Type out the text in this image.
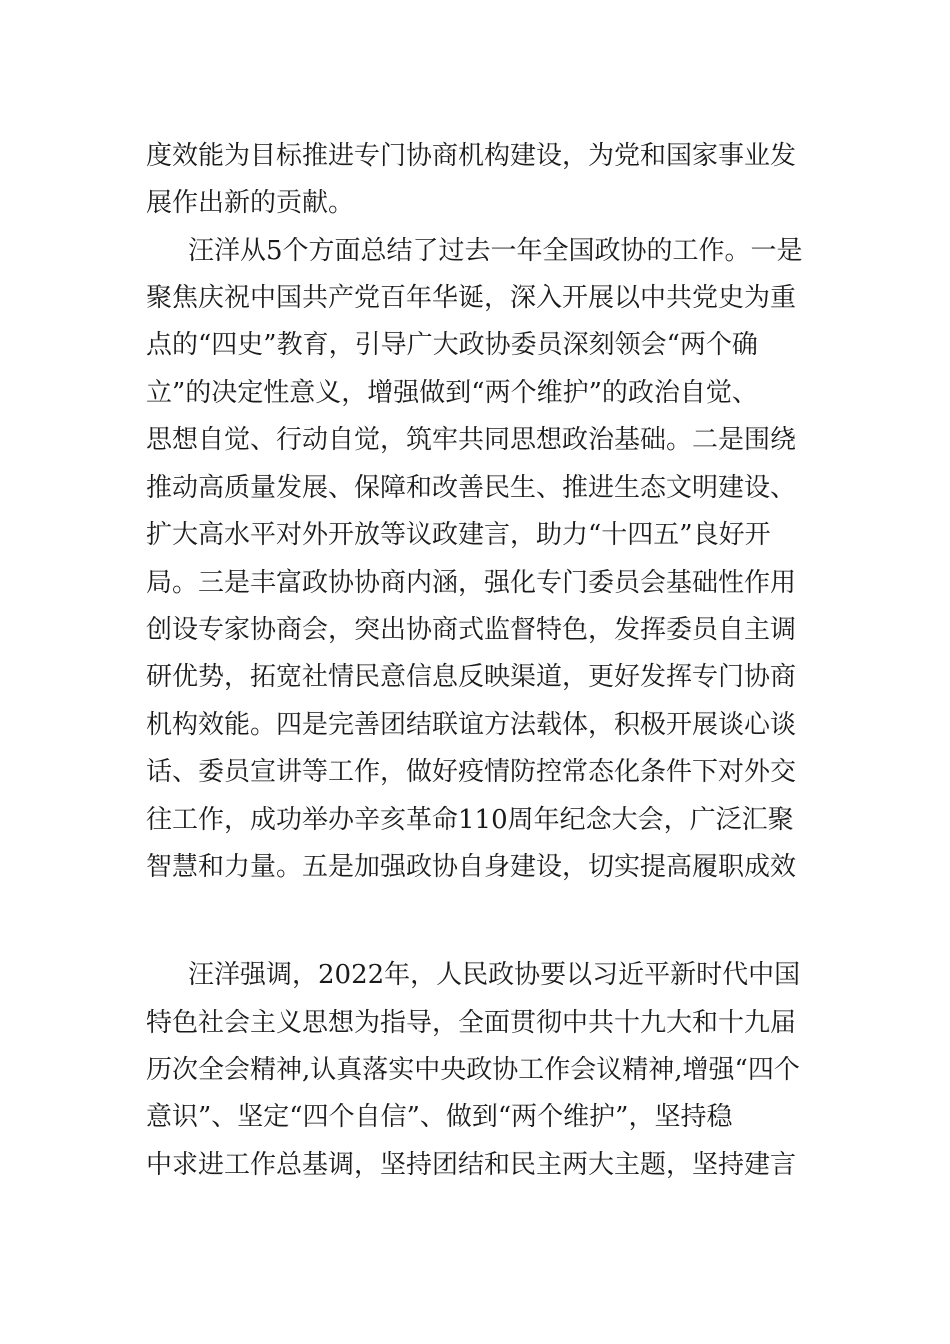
度效能为目标推进专门协商机构建设，为党和国家事业发
展作出新的贡献。
汪洋从5个方面总结了过去一年全国政协的工作。一是
聚焦庆祝中国共产党百年华诞，深入开展以中共党史为重
点的“四史”教育，引导广大政协委员深刻领会“两个确
立”的决定性意义，增强做到“两个维护”的政治自觉、
思想自觉、行动自觉，筑牢共同思想政治基础。二是围绕
推动高质量发展、保障和改善民生、推进生态文明建设、
扩大高水平对外开放等议政建言，助力“十四五”良好开
局。三是丰富政协协商内涵，强化专门委员会基础性作用
创设专家协商会，突出协商式监督特色，发挥委员自主调
研优势，拓宽社情民意信息反映渠道，更好发挥专门协商
机构效能。四是完善团结联谊方法载体，积极开展谈心谈
话、委员宣讲等工作，做好疫情防控常态化条件下对外交
往工作，成功举办辛亥革命110周年纪念大会，广泛汇聚
智慧和力量。五是加强政协自身建设，切实提高履职成效
汪洋强调，2022年，人民政协要以习近平新时代中国
特色社会主义思想为指导，全面贯彻中共十九大和十九届
历次全会精神,认真落实中央政协工作会议精神,增强“四个
意识”、坚定“四个自信”、做到“两个维护”，坚持稳
中求进工作总基调，坚持团结和民主两大主题，坚持建言
